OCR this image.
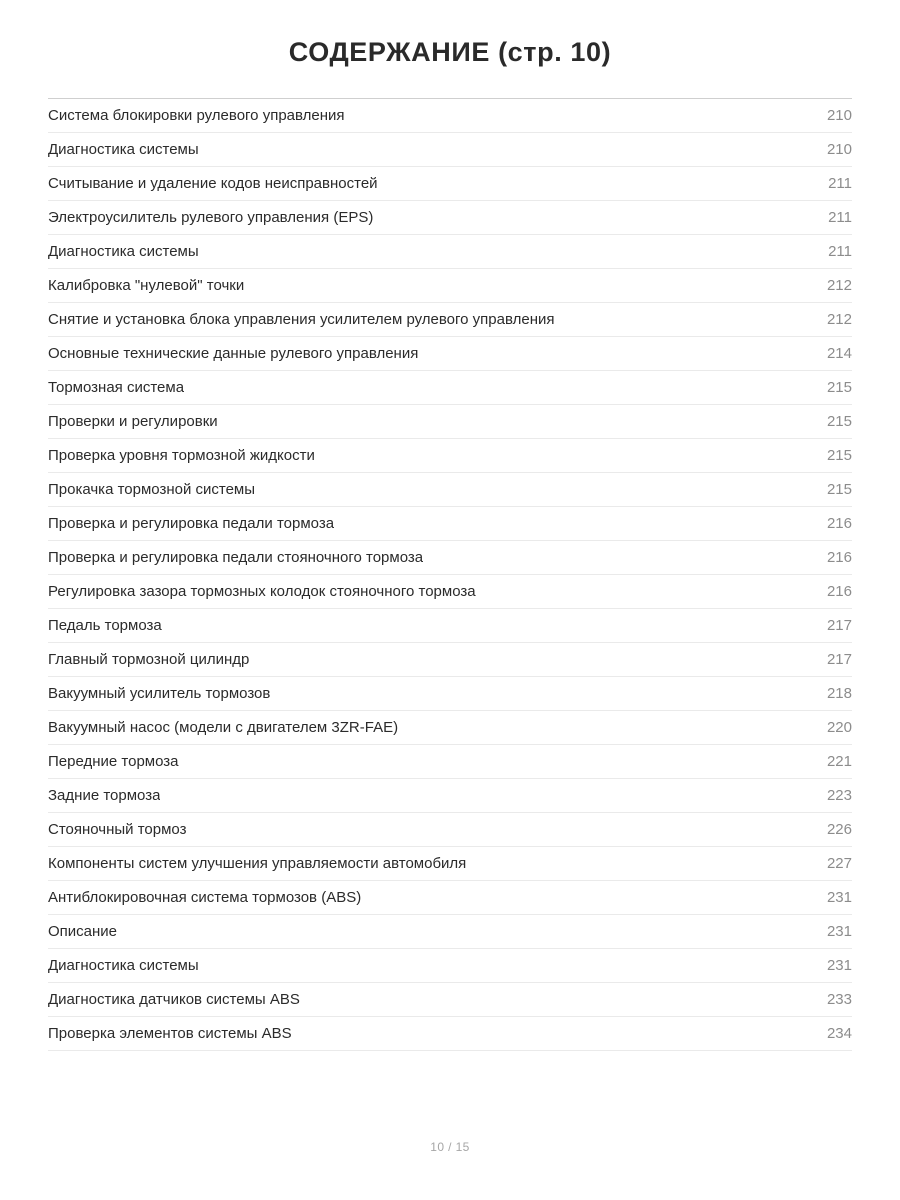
СОДЕРЖАНИЕ (стр. 10)
Система блокировки рулевого управления	210
Диагностика системы	210
Считывание и удаление кодов неисправностей	211
Электроусилитель рулевого управления (EPS)	211
Диагностика системы	211
Калибровка "нулевой" точки	212
Снятие и установка блока управления усилителем рулевого управления	212
Основные технические данные рулевого управления	214
Тормозная система	215
Проверки и регулировки	215
Проверка уровня тормозной жидкости	215
Прокачка тормозной системы	215
Проверка и регулировка педали тормоза	216
Проверка и регулировка педали стояночного тормоза	216
Регулировка зазора тормозных колодок стояночного тормоза	216
Педаль тормоза	217
Главный тормозной цилиндр	217
Вакуумный усилитель тормозов	218
Вакуумный насос (модели с двигателем 3ZR-FAE)	220
Передние тормоза	221
Задние тормоза	223
Стояночный тормоз	226
Компоненты систем улучшения управляемости автомобиля	227
Антиблокировочная система тормозов (ABS)	231
Описание	231
Диагностика системы	231
Диагностика датчиков системы ABS	233
Проверка элементов системы ABS	234
10 / 15
